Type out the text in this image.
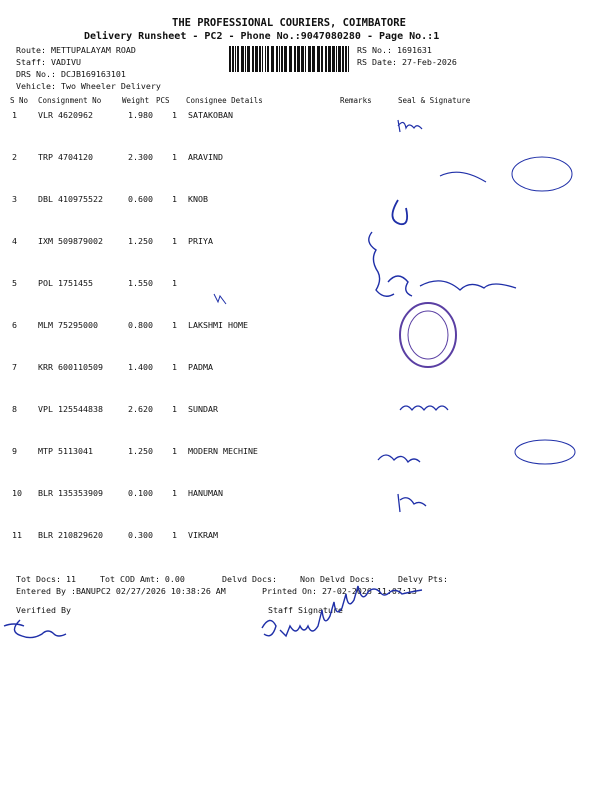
THE PROFESSIONAL COURIERS, COIMBATORE
Delivery Runsheet - PC2 - Phone No.:9047080280 - Page No.:1
Route: METTUPALAYAM ROAD
Staff: VADIVU
DRS No.: DCJB169163101
Vehicle: Two Wheeler Delivery
RS No.: 1691631
RS Date: 27-Feb-2026
S No Consignment No	Weight PCS Consignee Details	Remarks	Seal & Signature
1	VLR 4620962	1.980 1 SATAKOBAN
2	TRP 4704120	2.300 1 ARAVIND
3	DBL 410975522	0.600 1 KNOB
4	IXM 509879002	1.250 1 PRIYA
5	POL 1751455	1.550 1
6	MLM 75295000	0.800 1 LAKSHMI HOME
7	KRR 600110509	1.400 1 PADMA
8	VPL 125544838	2.620 1 SUNDAR
9	MTP 5113041	1.250 1 MODERN MECHINE
10 BLR 135353909	0.100 1 HANUMAN
11 BLR 210829620	0.300 1 VIKRAM
Tot Docs: 11	Tot COD Amt: 0.00	Delvd Docs:	Non Delvd Docs:	Delvy Pts:
Entered By :BANUPC2 02/27/2026 10:38:26 AM	Printed On: 27-02-2026 11:07:13
Verified By	Staff Signature
9159555951
99422-79927
Selvi
SUNIL
27/2/26
9944340931
27/2/26
Padma
9789543056
9976555075
C.selvi
9843326244
8248015233
Vedan
9842912253
